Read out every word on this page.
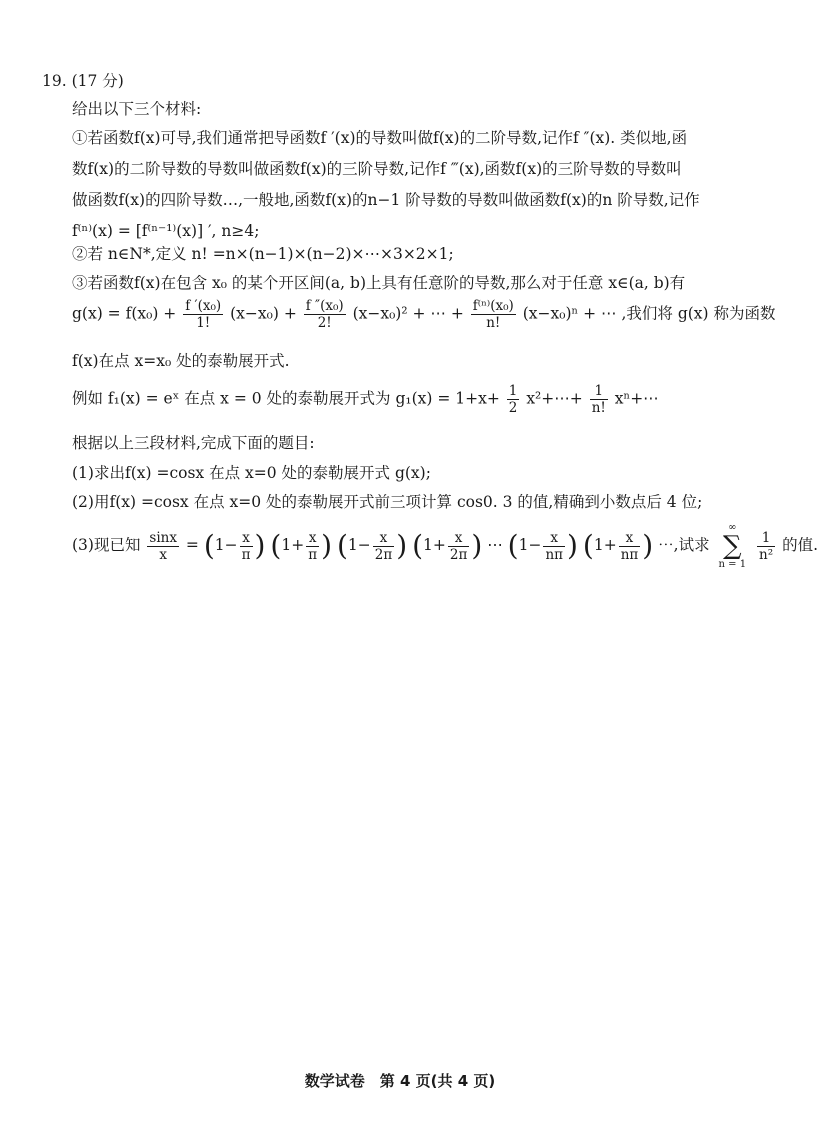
19. (17 分)
给出以下三个材料:
①若函数f(x)可导,我们通常把导函数f ′(x)的导数叫做f(x)的二阶导数,记作f ″(x). 类似地,函
数f(x)的二阶导数的导数叫做函数f(x)的三阶导数,记作f ‴(x),函数f(x)的三阶导数的导数叫
做函数f(x)的四阶导数…,一般地,函数f(x)的n−1 阶导数的导数叫做函数f(x)的n 阶导数,记作
f⁽ⁿ⁾(x) = [f⁽ⁿ⁻¹⁾(x)] ′, n≥4;
②若 n∈N*,定义 n! =n×(n−1)×(n−2)×⋯×3×2×1;
③若函数f(x)在包含 x₀ 的某个开区间(a, b)上具有任意阶的导数,那么对于任意 x∈(a, b)有
$g(x) = f(x_0) + \frac{\text{f ′(x₀)}}{1!} (x-x_0) + \frac{\text{f ″(x₀)}}{2!} (x-x_0)^2$ + ⋯ + $\frac{\text{f⁽ⁿ⁾(x₀)}}{n!} (x-x_0)^n$ + ⋯ ,我们将 g(x) 称为函数
f(x)在点 x=x₀ 处的泰勒展开式.
例如 f₁(x) = eˣ 在点 x = 0 处的泰勒展开式为 $g_1(x) = 1+x+ \frac{1}{2}$ x²+⋯+ $\frac{1}{n!}$ xⁿ+⋯
根据以上三段材料,完成下面的题目:
(1)求出f(x) =cosx 在点 x=0 处的泰勒展开式 g(x);
(2)用f(x) =cosx 在点 x=0 处的泰勒展开式前三项计算 cos0. 3 的值,精确到小数点后 4 位;
(3)现已知 $\frac{\sin x}{x} = (1- \frac{x}{\pi}$ ) ($1+ \frac{x}{\pi}$ ) ($1- \frac{x}{2\pi}$ ) ($1+ \frac{x}{2\pi}$ ) ⋯ ($1- \frac{x}{n\pi}$ ) ($1+ \frac{x}{n\pi}$ ) ⋯,试求
∞
∑
n = 1

$\frac{1}{\text{n²}}$ 的值.
数学试卷　第 4 页(共 4 页)
